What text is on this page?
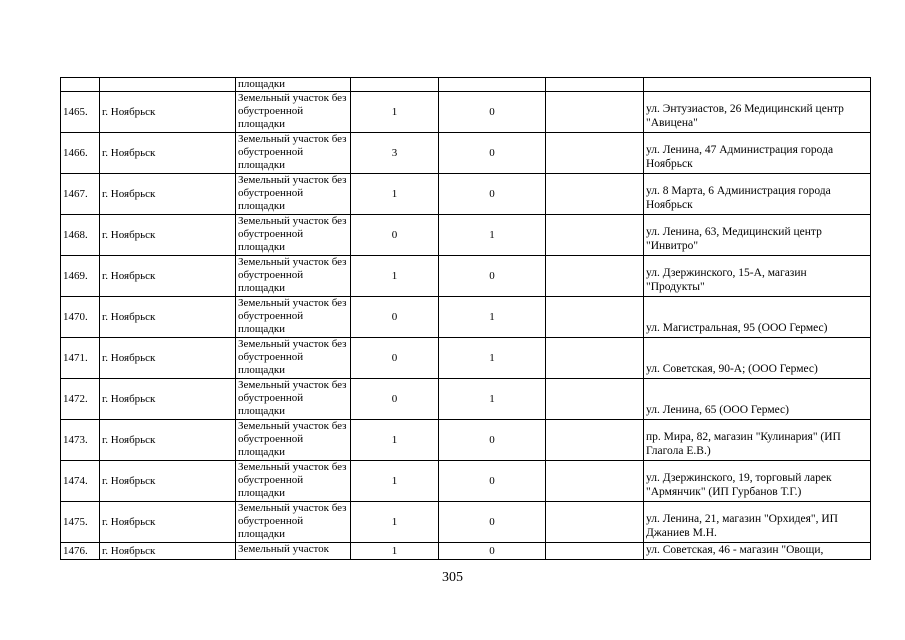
		площадки				
1465.	г. Ноябрьск	Земельный участок без обустроенной площадки	1	0		ул. Энтузиастов, 26 Медицинский центр "Авицена"
1466.	г. Ноябрьск	Земельный участок без обустроенной площадки	3	0		ул. Ленина, 47 Администрация города Ноябрьск
1467.	г. Ноябрьск	Земельный участок без обустроенной площадки	1	0		ул. 8 Марта, 6 Администрация города Ноябрьск
1468.	г. Ноябрьск	Земельный участок без обустроенной площадки	0	1		ул. Ленина, 63, Медицинский центр "Инвитро"
1469.	г. Ноябрьск	Земельный участок без обустроенной площадки	1	0		ул. Дзержинского, 15-А, магазин "Продукты"
1470.	г. Ноябрьск	Земельный участок без обустроенной площадки	0	1		ул. Магистральная, 95 (ООО Гермес)
1471.	г. Ноябрьск	Земельный участок без обустроенной площадки	0	1		ул. Советская, 90-А; (ООО Гермес)
1472.	г. Ноябрьск	Земельный участок без обустроенной площадки	0	1		ул. Ленина, 65 (ООО Гермес)
1473.	г. Ноябрьск	Земельный участок без обустроенной площадки	1	0		пр. Мира, 82, магазин "Кулинария" (ИП Глагола Е.В.)
1474.	г. Ноябрьск	Земельный участок без обустроенной площадки	1	0		ул. Дзержинского, 19, торговый ларек "Армянчик" (ИП Гурбанов Т.Г.)
1475.	г. Ноябрьск	Земельный участок без обустроенной площадки	1	0		ул. Ленина, 21, магазин "Орхидея", ИП Джаниев М.Н.
1476.	г. Ноябрьск	Земельный участок	1	0		ул. Советская, 46 - магазин "Овощи,
305
